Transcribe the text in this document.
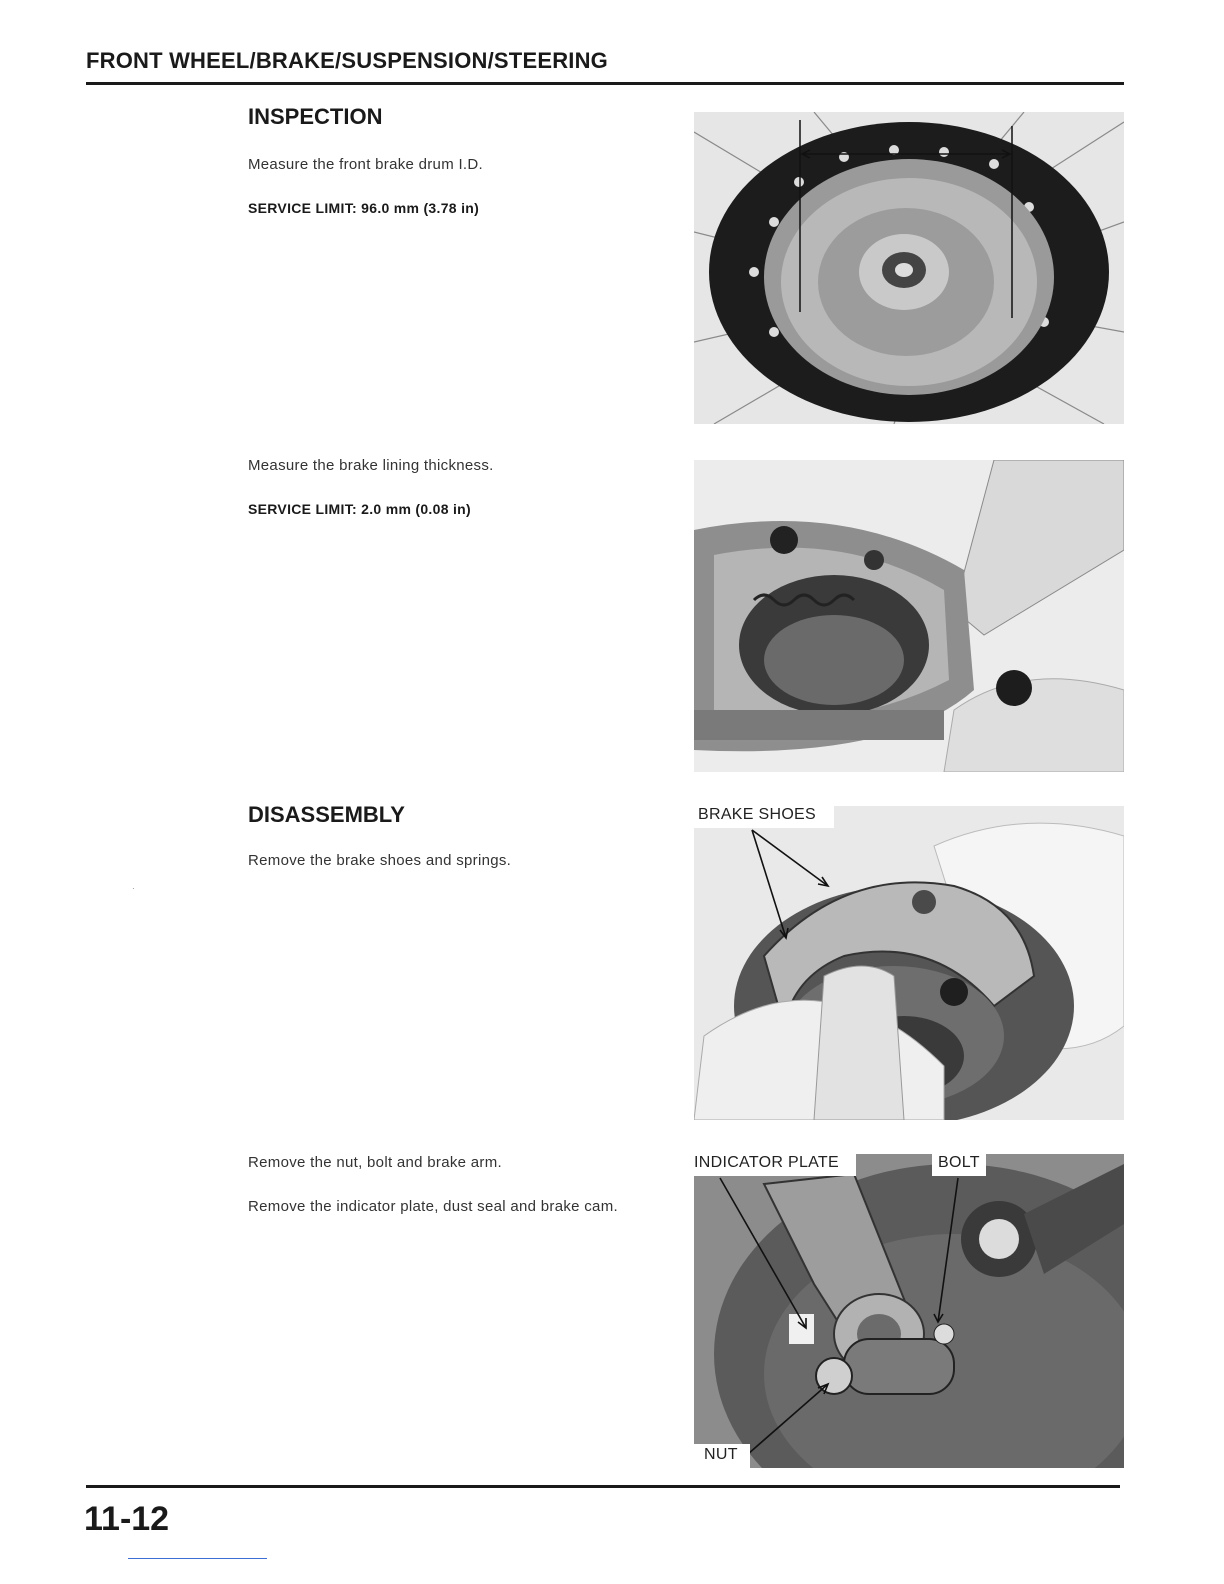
FRONT WHEEL/BRAKE/SUSPENSION/STEERING
INSPECTION
Measure the front brake drum I.D.
SERVICE LIMIT: 96.0 mm (3.78 in)
Measure the brake lining thickness.
SERVICE LIMIT: 2.0 mm (0.08 in)
DISASSEMBLY
Remove the brake shoes and springs.
Remove the nut, bolt and brake arm.
Remove the indicator plate, dust seal and brake cam.
·
BRAKE SHOES
INDICATOR PLATE	BOLT
NUT
11-12
